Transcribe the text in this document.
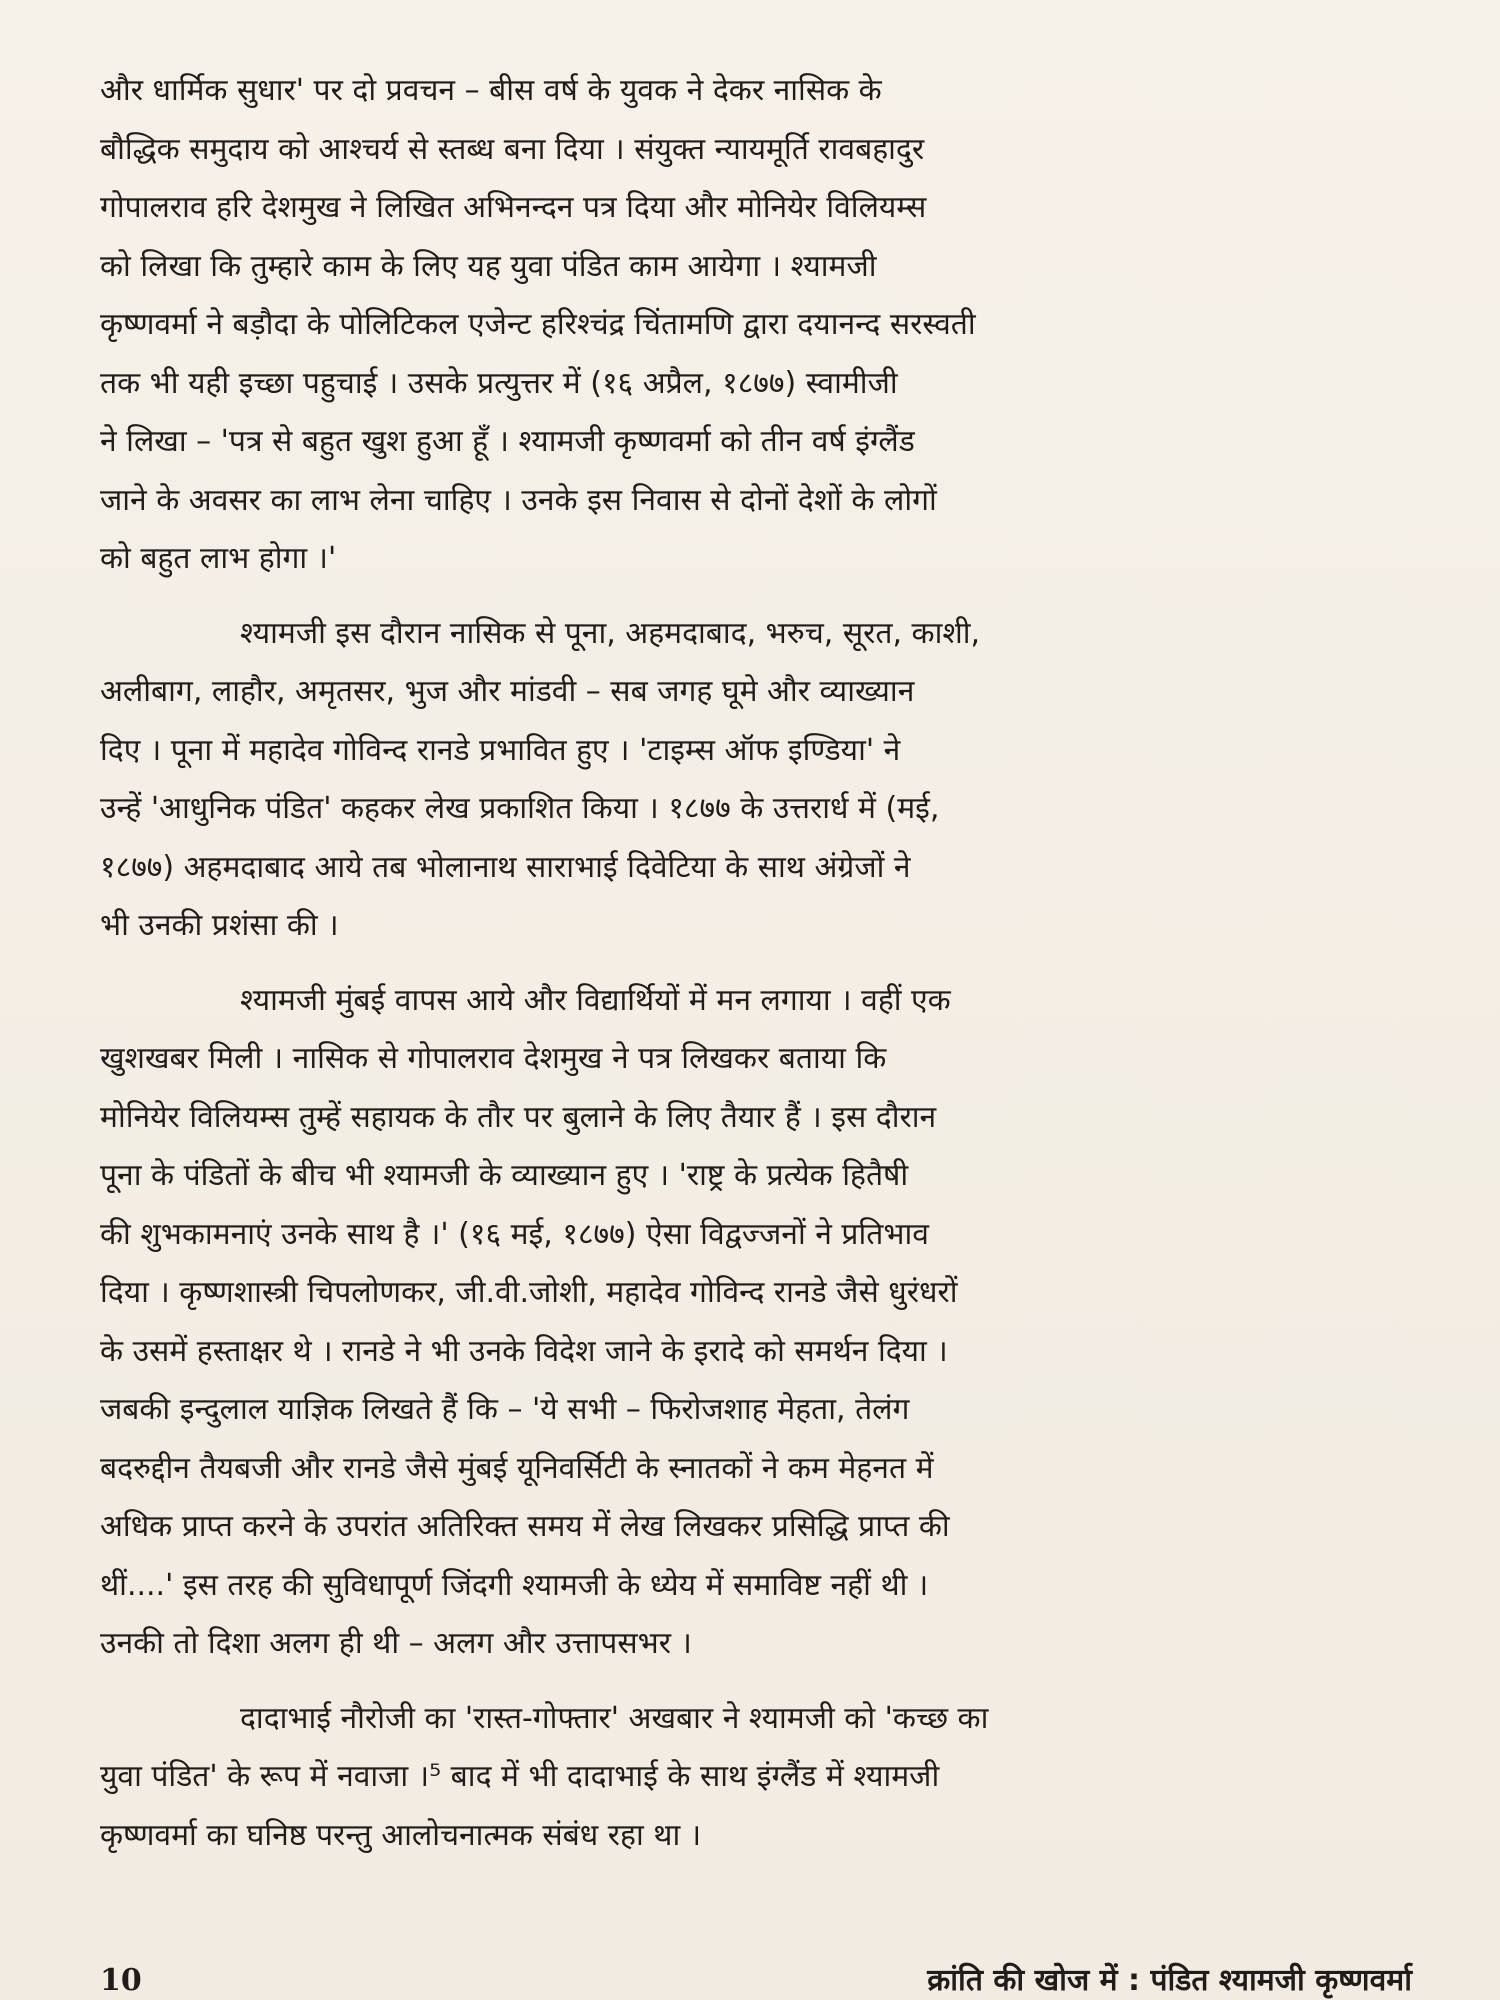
और धार्मिक सुधार' पर दो प्रवचन – बीस वर्ष के युवक ने देकर नासिक के
बौद्धिक समुदाय को आश्चर्य से स्तब्ध बना दिया । संयुक्त न्यायमूर्ति रावबहादुर
गोपालराव हरि देशमुख ने लिखित अभिनन्दन पत्र दिया और मोनियेर विलियम्स
को लिखा कि तुम्हारे काम के लिए यह युवा पंडित काम आयेगा । श्यामजी
कृष्णवर्मा ने बड़ौदा के पोलिटिकल एजेन्ट हरिश्चंद्र चिंतामणि द्वारा दयानन्द सरस्वती
तक भी यही इच्छा पहुचाई । उसके प्रत्युत्तर में (१६ अप्रैल, १८७७) स्वामीजी
ने लिखा – 'पत्र से बहुत खुश हुआ हूँ । श्यामजी कृष्णवर्मा को तीन वर्ष इंग्लैंड
जाने के अवसर का लाभ लेना चाहिए । उनके इस निवास से दोनों देशों के लोगों
को बहुत लाभ होगा ।'

श्यामजी इस दौरान नासिक से पूना, अहमदाबाद, भरुच, सूरत, काशी,
अलीबाग, लाहौर, अमृतसर, भुज और मांडवी – सब जगह घूमे और व्याख्यान
दिए । पूना में महादेव गोविन्द रानडे प्रभावित हुए । 'टाइम्स ऑफ इण्डिया' ने
उन्हें 'आधुनिक पंडित' कहकर लेख प्रकाशित किया । १८७७ के उत्तरार्ध में (मई,
१८७७) अहमदाबाद आये तब भोलानाथ साराभाई दिवेटिया के साथ अंग्रेजों ने
भी उनकी प्रशंसा की ।

श्यामजी मुंबई वापस आये और विद्यार्थियों में मन लगाया । वहीं एक
खुशखबर मिली । नासिक से गोपालराव देशमुख ने पत्र लिखकर बताया कि
मोनियेर विलियम्स तुम्हें सहायक के तौर पर बुलाने के लिए तैयार हैं । इस दौरान
पूना के पंडितों के बीच भी श्यामजी के व्याख्यान हुए । 'राष्ट्र के प्रत्येक हितैषी
की शुभकामनाएं उनके साथ है ।' (१६ मई, १८७७) ऐसा विद्वज्जनों ने प्रतिभाव
दिया । कृष्णशास्त्री चिपलोणकर, जी.वी.जोशी, महादेव गोविन्द रानडे जैसे धुरंधरों
के उसमें हस्ताक्षर थे । रानडे ने भी उनके विदेश जाने के इरादे को समर्थन दिया ।
जबकी इन्दुलाल याज्ञिक लिखते हैं कि – 'ये सभी – फिरोजशाह मेहता, तेलंग
बदरुद्दीन तैयबजी और रानडे जैसे मुंबई यूनिवर्सिटी के स्नातकों ने कम मेहनत में
अधिक प्राप्त करने के उपरांत अतिरिक्त समय में लेख लिखकर प्रसिद्धि प्राप्त की
थीं....' इस तरह की सुविधापूर्ण जिंदगी श्यामजी के ध्येय में समाविष्ट नहीं थी ।
उनकी तो दिशा अलग ही थी – अलग और उत्तापसभर ।

दादाभाई नौरोजी का 'रास्त-गोफ्तार' अखबार ने श्यामजी को 'कच्छ का
युवा पंडित' के रूप में नवाजा ।⁵ बाद में भी दादाभाई के साथ इंग्लैंड में श्यामजी
कृष्णवर्मा का घनिष्ठ परन्तु आलोचनात्मक संबंध रहा था ।

10	क्रांति की खोज में : पंडित श्यामजी कृष्णवर्मा
